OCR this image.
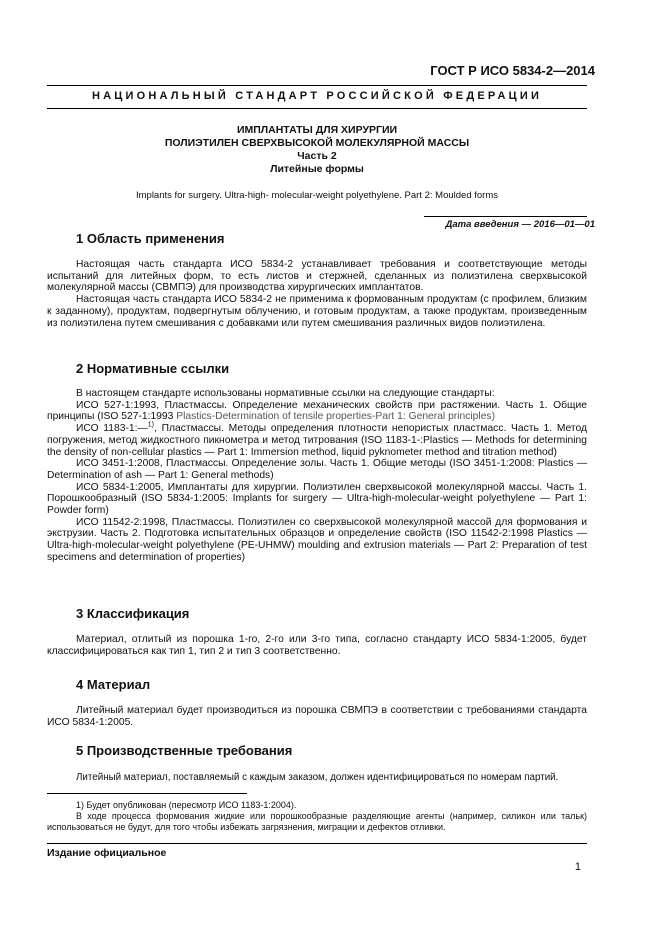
ГОСТ Р ИСО 5834-2—2014
НАЦИОНАЛЬНЫЙ СТАНДАРТ РОССИЙСКОЙ ФЕДЕРАЦИИ
ИМПЛАНТАТЫ ДЛЯ ХИРУРГИИ
ПОЛИЭТИЛЕН СВЕРХВЫСОКОЙ МОЛЕКУЛЯРНОЙ МАССЫ
Часть 2
Литейные формы
Implants for surgery. Ultra-high- molecular-weight polyethylene. Part 2: Moulded forms
Дата введения — 2016—01—01
1 Область применения
Настоящая часть стандарта ИСО 5834-2 устанавливает требования и соответствующие методы испытаний для литейных форм, то есть листов и стержней, сделанных из полиэтилена сверхвысокой молекулярной массы (СВМПЭ) для производства хирургических имплантатов.
Настоящая часть стандарта ИСО 5834-2 не применима к формованным продуктам (с профилем, близким к заданному), продуктам, подвергнутым облучению, и готовым продуктам, а также продуктам, произведенным из полиэтилена путем смешивания с добавками или путем смешивания различных видов полиэтилена.
2 Нормативные ссылки
В настоящем стандарте использованы нормативные ссылки на следующие стандарты:
ИСО 527-1:1993, Пластмассы. Определение механических свойств при растяжении. Часть 1. Общие принципы (ISO 527-1:1993 Plastics-Determination of tensile properties-Part 1: General principles)
ИСО 1183-1:—$^{1)}$, Пластмассы. Методы определения плотности непористых пластмасс. Часть 1. Метод погружения, метод жидкостного пикнометра и метод титрования (ISO 1183-1-:Plastics — Methods for determining the density of non-cellular plastics — Part 1: Immersion method, liquid pyknometer method and titration method)
ИСО 3451-1:2008, Пластмассы. Определение золы. Часть 1. Общие методы (ISO 3451-1:2008: Plastics — Determination of ash — Part 1: General methods)
ИСО 5834-1:2005, Имплантаты для хирургии. Полиэтилен сверхвысокой молекулярной массы. Часть 1. Порошкообразный (ISO 5834-1:2005: Implants for surgery — Ultra-high-molecular-weight polyethylene — Part 1: Powder form)
ИСО 11542-2:1998, Пластмассы. Полиэтилен со сверхвысокой молекулярной массой для формования и экструзии. Часть 2. Подготовка испытательных образцов и определение свойств (ISO 11542-2:1998 Plastics — Ultra-high-molecular-weight polyethylene (PE-UHMW) moulding and extrusion materials — Part 2: Preparation of test specimens and determination of properties)
3 Классификация
Материал, отлитый из порошка 1-го, 2-го или 3-го типа, согласно стандарту ИСО 5834-1:2005, будет классифицироваться как тип 1, тип 2 и тип 3 соответственно.
4 Материал
Литейный материал будет производиться из порошка СВМПЭ в соответствии с требованиями стандарта ИСО 5834-1:2005.
5 Производственные требования
Литейный материал, поставляемый с каждым заказом, должен идентифицироваться по номерам партий.
1) Будет опубликован (пересмотр ИСО 1183-1:2004).
В ходе процесса формования жидкие или порошкообразные разделяющие агенты (например, силикон или тальк) использоваться не будут, для того чтобы избежать загрязнения, миграции и дефектов отливки.
Издание официальное
1
